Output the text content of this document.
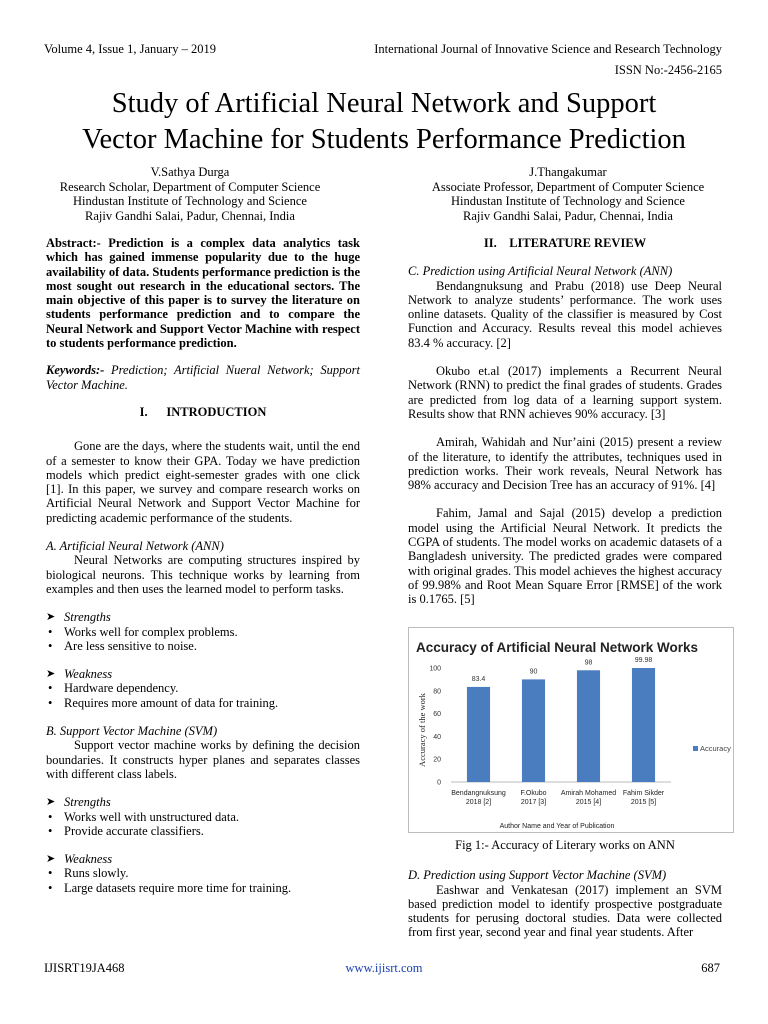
Volume 4, Issue 1, January – 2019	International Journal of Innovative Science and Research Technology
ISSN No:-2456-2165
Study of Artificial Neural Network and Support
Vector Machine for Students Performance Prediction
V.Sathya Durga
Research Scholar, Department of Computer Science
Hindustan Institute of Technology and Science
Rajiv Gandhi Salai, Padur, Chennai, India
J.Thangakumar
Associate Professor, Department of Computer Science
Hindustan Institute of Technology and Science
Rajiv Gandhi Salai, Padur, Chennai, India

Abstract:- Prediction is a complex data analytics task which has gained immense popularity due to the huge availability of data. Students performance prediction is the most sought out research in the educational sectors. The main objective of this paper is to survey the literature on students performance prediction and to compare the Neural Network and Support Vector Machine with respect to students performance prediction.

Keywords:- Prediction; Artificial Nueral Network; Support Vector Machine.

I. INTRODUCTION

Gone are the days, where the students wait, until the end of a semester to know their GPA. Today we have prediction models which predict eight-semester grades with one click [1]. In this paper, we survey and compare research works on Artificial Neural Network and Support Vector Machine for predicting academic performance of the students.

A. Artificial Neural Network (ANN)

Neural Networks are computing structures inspired by biological neurons. This technique works by learning from examples and then uses the learned model to perform tasks.

➤ Strengths
• Works well for complex problems.
• Are less sensitive to noise.
➤ Weakness
• Hardware dependency.
• Requires more amount of data for training.

B. Support Vector Machine (SVM)

Support vector machine works by defining the decision boundaries. It constructs hyper planes and separates classes with different class labels.

➤ Strengths
• Works well with unstructured data.
• Provide accurate classifiers.
➤ Weakness
• Runs slowly.
• Large datasets require more time for training.

II. LITERATURE REVIEW

C. Prediction using Artificial Neural Network (ANN)

Bendangnuksung and Prabu (2018) use Deep Neural Network to analyze students’ performance. The work uses online datasets. Quality of the classifier is measured by Cost Function and Accuracy. Results reveal this model achieves 83.4 % accuracy. [2]

Okubo et.al (2017) implements a Recurrent Neural Network (RNN) to predict the final grades of students. Grades are predicted from log data of a learning support system. Results show that RNN achieves 90% accuracy. [3]

Amirah, Wahidah and Nur’aini (2015) present a review of the literature, to identify the attributes, techniques used in prediction works. Their work reveals, Neural Network has 98% accuracy and Decision Tree has an accuracy of 91%. [4]

Fahim, Jamal and Sajal (2015) develop a prediction model using the Artificial Neural Network. It predicts the CGPA of students. The model works on academic datasets of a Bangladesh university. The predicted grades were compared with original grades. This model achieves the highest accuracy of 99.98% and Root Mean Square Error [RMSE] of the work is 0.1765. [5]

Accuracy of Artificial Neural Network Works
Accuracy of the work
Author Name and Year of Publication
0
20
40
60
80
100
83.4
90
98	99.98
Bendangnuksung
2018 [2]
F.Okubo
2017 [3]
Amirah Mohamed
2015 [4]
Fahim Sikder
2015 [5]
Accuracy

Fig 1:- Accuracy of Literary works on ANN

D. Prediction using Support Vector Machine (SVM)

Eashwar and Venkatesan (2017) implement an SVM based prediction model to identify prospective postgraduate students for perusing doctoral studies. Data were collected from first year, second year and final year students. After

IJISRT19JA468	www.ijisrt.com	687
